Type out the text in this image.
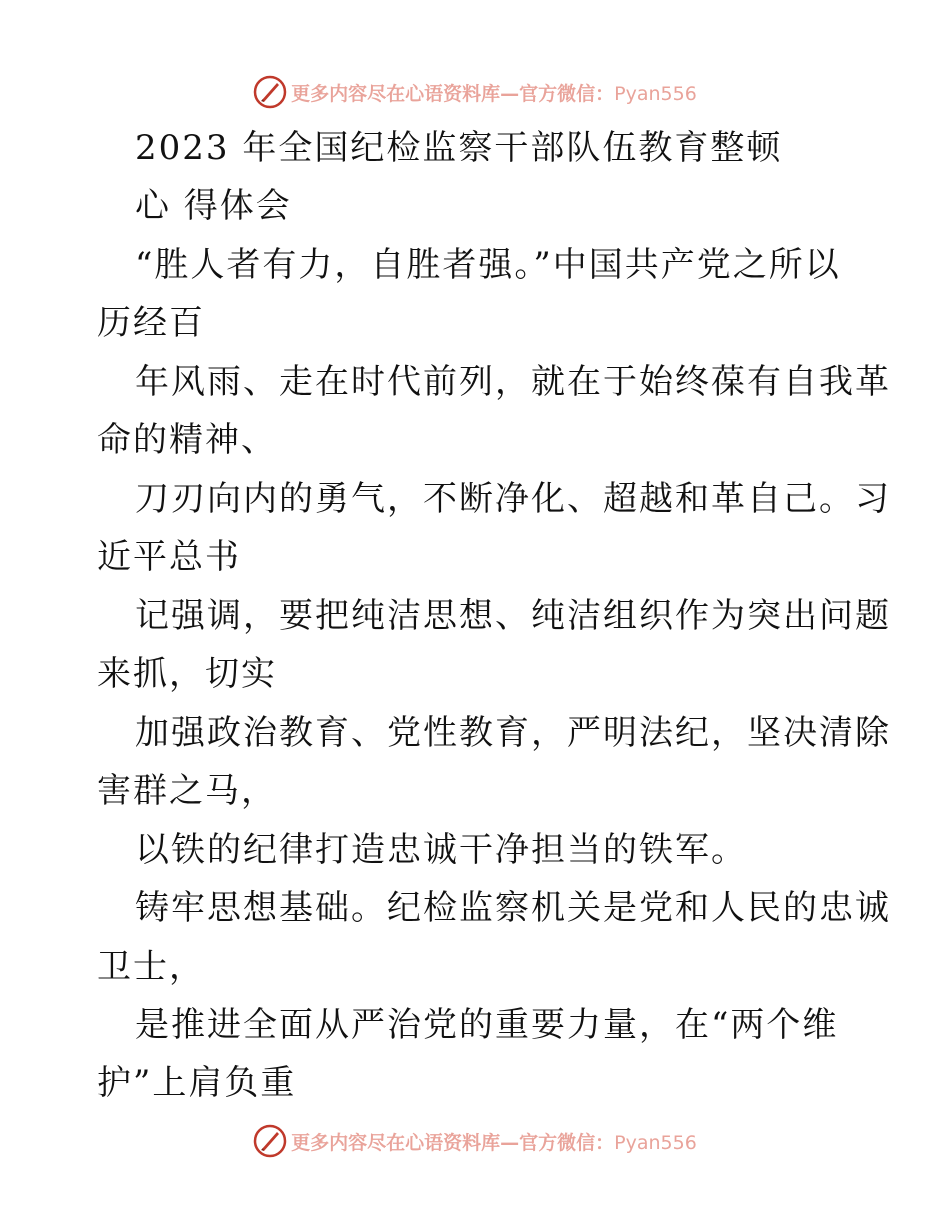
更多内容尽在心语资料库—官方微信：Pyan556
2023 年全国纪检监察干部队伍教育整顿
心 得体会
“胜人者有力，自胜者强。”中国共产党之所以
历经百
年风雨、走在时代前列，就在于始终葆有自我革
命的精神、
刀刃向内的勇气，不断净化、超越和革自己。习
近平总书
记强调，要把纯洁思想、纯洁组织作为突出问题
来抓，切实
加强政治教育、党性教育，严明法纪，坚决清除
害群之马，
以铁的纪律打造忠诚干净担当的铁军。
铸牢思想基础。纪检监察机关是党和人民的忠诚
卫士，
是推进全面从严治党的重要力量，在“两个维
护”上肩负重
更多内容尽在心语资料库—官方微信：Pyan556
